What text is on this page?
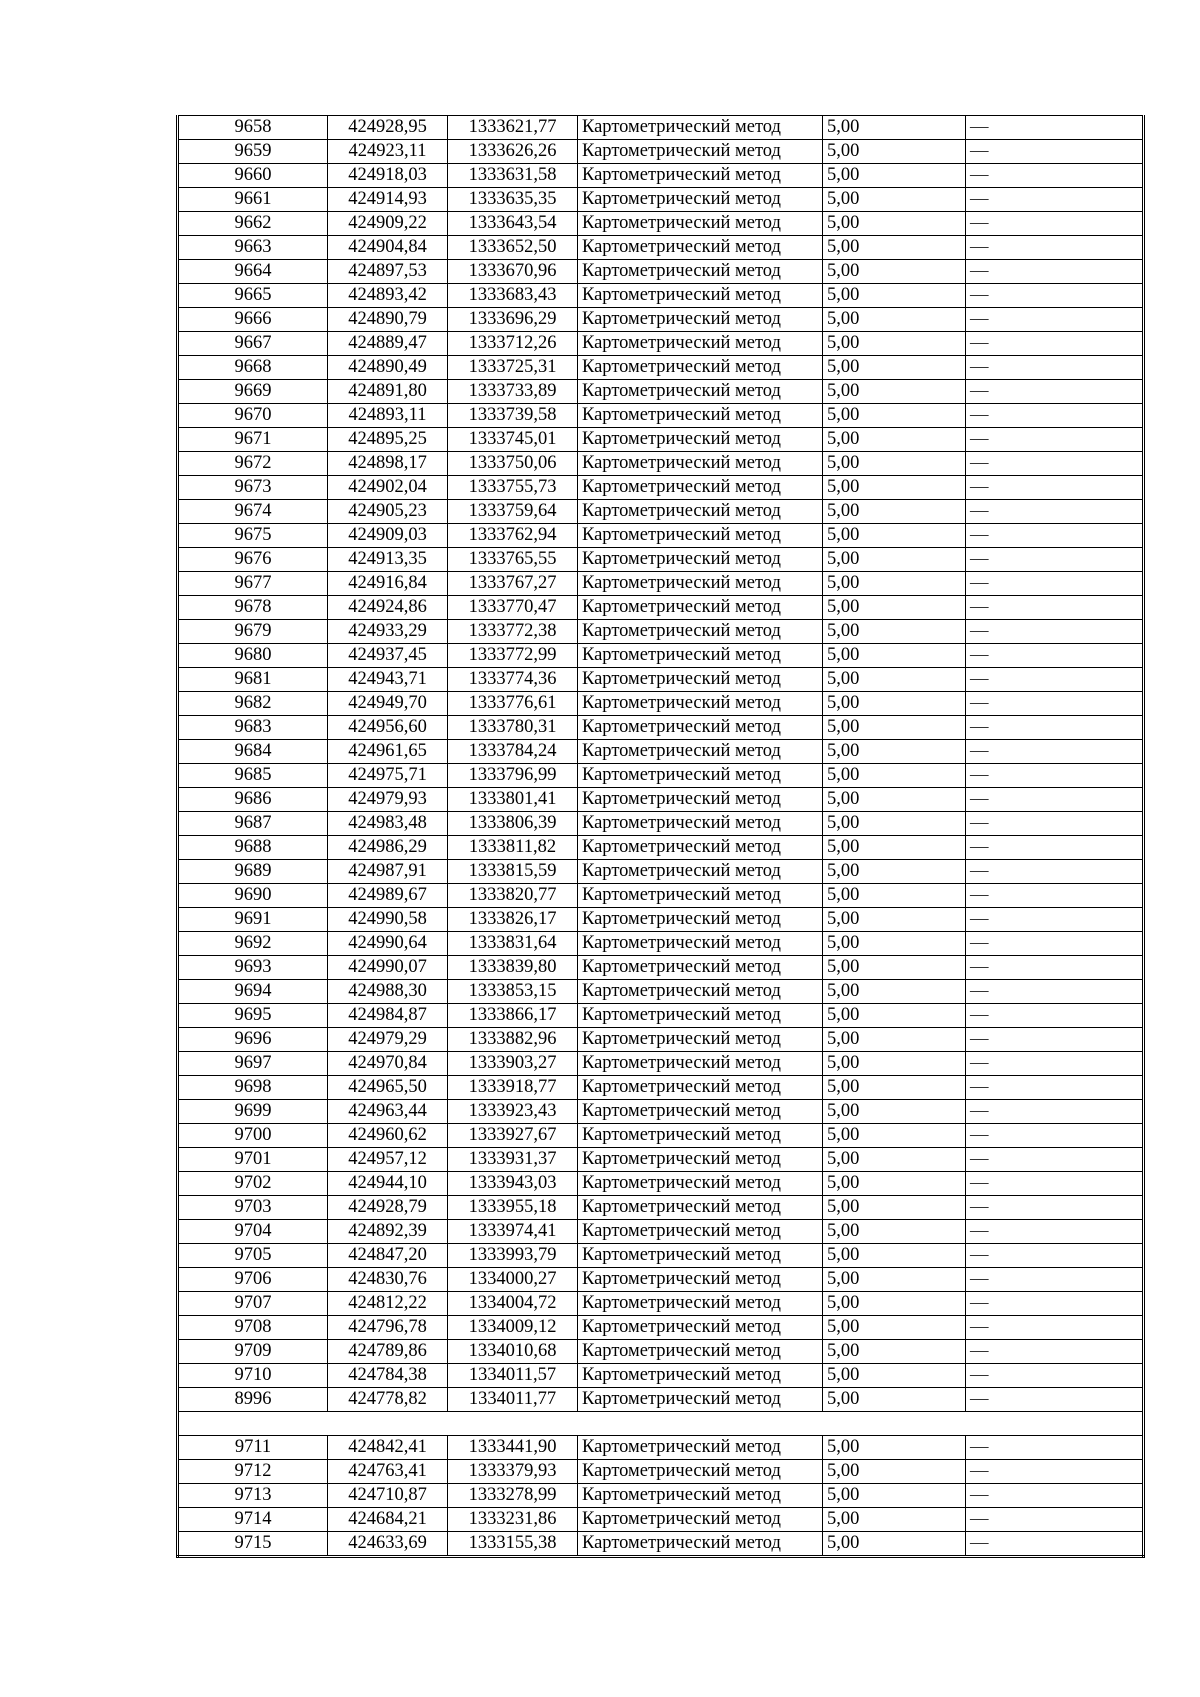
9658	424928,95	1333621,77	Картометрический метод	5,00	—
9659	424923,11	1333626,26	Картометрический метод	5,00	—
9660	424918,03	1333631,58	Картометрический метод	5,00	—
9661	424914,93	1333635,35	Картометрический метод	5,00	—
9662	424909,22	1333643,54	Картометрический метод	5,00	—
9663	424904,84	1333652,50	Картометрический метод	5,00	—
9664	424897,53	1333670,96	Картометрический метод	5,00	—
9665	424893,42	1333683,43	Картометрический метод	5,00	—
9666	424890,79	1333696,29	Картометрический метод	5,00	—
9667	424889,47	1333712,26	Картометрический метод	5,00	—
9668	424890,49	1333725,31	Картометрический метод	5,00	—
9669	424891,80	1333733,89	Картометрический метод	5,00	—
9670	424893,11	1333739,58	Картометрический метод	5,00	—
9671	424895,25	1333745,01	Картометрический метод	5,00	—
9672	424898,17	1333750,06	Картометрический метод	5,00	—
9673	424902,04	1333755,73	Картометрический метод	5,00	—
9674	424905,23	1333759,64	Картометрический метод	5,00	—
9675	424909,03	1333762,94	Картометрический метод	5,00	—
9676	424913,35	1333765,55	Картометрический метод	5,00	—
9677	424916,84	1333767,27	Картометрический метод	5,00	—
9678	424924,86	1333770,47	Картометрический метод	5,00	—
9679	424933,29	1333772,38	Картометрический метод	5,00	—
9680	424937,45	1333772,99	Картометрический метод	5,00	—
9681	424943,71	1333774,36	Картометрический метод	5,00	—
9682	424949,70	1333776,61	Картометрический метод	5,00	—
9683	424956,60	1333780,31	Картометрический метод	5,00	—
9684	424961,65	1333784,24	Картометрический метод	5,00	—
9685	424975,71	1333796,99	Картометрический метод	5,00	—
9686	424979,93	1333801,41	Картометрический метод	5,00	—
9687	424983,48	1333806,39	Картометрический метод	5,00	—
9688	424986,29	1333811,82	Картометрический метод	5,00	—
9689	424987,91	1333815,59	Картометрический метод	5,00	—
9690	424989,67	1333820,77	Картометрический метод	5,00	—
9691	424990,58	1333826,17	Картометрический метод	5,00	—
9692	424990,64	1333831,64	Картометрический метод	5,00	—
9693	424990,07	1333839,80	Картометрический метод	5,00	—
9694	424988,30	1333853,15	Картометрический метод	5,00	—
9695	424984,87	1333866,17	Картометрический метод	5,00	—
9696	424979,29	1333882,96	Картометрический метод	5,00	—
9697	424970,84	1333903,27	Картометрический метод	5,00	—
9698	424965,50	1333918,77	Картометрический метод	5,00	—
9699	424963,44	1333923,43	Картометрический метод	5,00	—
9700	424960,62	1333927,67	Картометрический метод	5,00	—
9701	424957,12	1333931,37	Картометрический метод	5,00	—
9702	424944,10	1333943,03	Картометрический метод	5,00	—
9703	424928,79	1333955,18	Картометрический метод	5,00	—
9704	424892,39	1333974,41	Картометрический метод	5,00	—
9705	424847,20	1333993,79	Картометрический метод	5,00	—
9706	424830,76	1334000,27	Картометрический метод	5,00	—
9707	424812,22	1334004,72	Картометрический метод	5,00	—
9708	424796,78	1334009,12	Картометрический метод	5,00	—
9709	424789,86	1334010,68	Картометрический метод	5,00	—
9710	424784,38	1334011,57	Картометрический метод	5,00	—
8996	424778,82	1334011,77	Картометрический метод	5,00	—

9711	424842,41	1333441,90	Картометрический метод	5,00	—
9712	424763,41	1333379,93	Картометрический метод	5,00	—
9713	424710,87	1333278,99	Картометрический метод	5,00	—
9714	424684,21	1333231,86	Картометрический метод	5,00	—
9715	424633,69	1333155,38	Картометрический метод	5,00	—
